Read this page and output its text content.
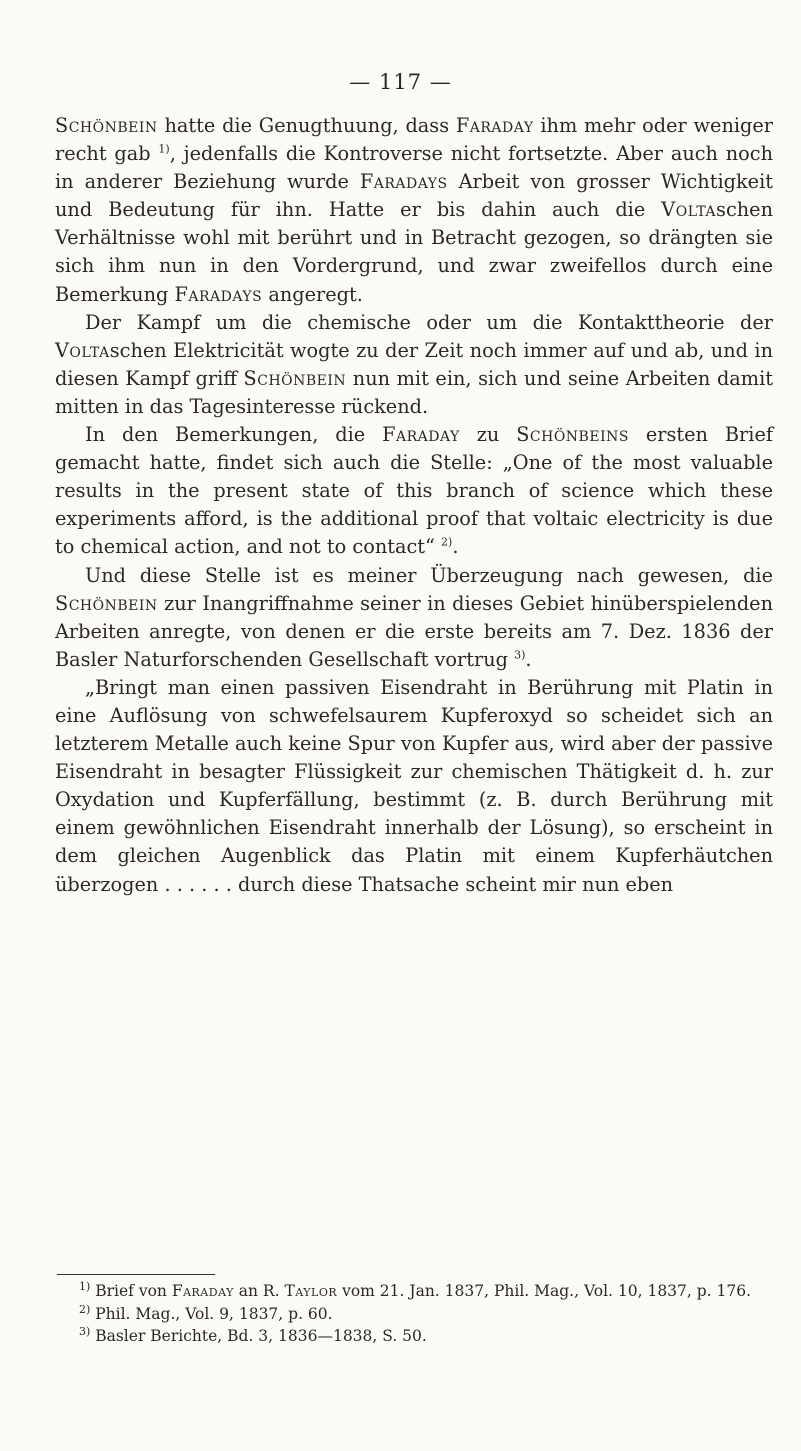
— 117 —

Schönbein hatte die Genugthuung, dass Faraday ihm mehr oder weniger recht gab $^{1)}$, jedenfalls die Kontroverse nicht fortsetzte. Aber auch noch in anderer Beziehung wurde Faradays Arbeit von grosser Wichtigkeit und Bedeutung für ihn. Hatte er bis dahin auch die Voltaschen Verhältnisse wohl mit berührt und in Betracht gezogen, so drängten sie sich ihm nun in den Vordergrund, und zwar zweifellos durch eine Bemerkung Faradays angeregt.

Der Kampf um die chemische oder um die Kontakttheorie der Voltaschen Elektricität wogte zu der Zeit noch immer auf und ab, und in diesen Kampf griff Schönbein nun mit ein, sich und seine Arbeiten damit mitten in das Tagesinteresse rückend.

In den Bemerkungen, die Faraday zu Schönbeins ersten Brief gemacht hatte, findet sich auch die Stelle: „One of the most valuable results in the present state of this branch of science which these experiments afford, is the additional proof that voltaic electricity is due to chemical action, and not to contact“ $^{2)}$.

Und diese Stelle ist es meiner Überzeugung nach gewesen, die Schönbein zur Inangriffnahme seiner in dieses Gebiet hinüberspielenden Arbeiten anregte, von denen er die erste bereits am 7. Dez. 1836 der Basler Naturforschenden Gesellschaft vortrug $^{3)}$.

„Bringt man einen passiven Eisendraht in Berührung mit Platin in eine Auflösung von schwefelsaurem Kupferoxyd so scheidet sich an letzterem Metalle auch keine Spur von Kupfer aus, wird aber der passive Eisendraht in besagter Flüssigkeit zur chemischen Thätigkeit d. h. zur Oxydation und Kupferfällung, bestimmt (z. B. durch Berührung mit einem gewöhnlichen Eisendraht innerhalb der Lösung), so erscheint in dem gleichen Augenblick das Platin mit einem Kupferhäutchen überzogen . . . . . . durch diese Thatsache scheint mir nun eben

$^{1)}$ Brief von Faraday an R. Taylor vom 21. Jan. 1837, Phil. Mag., Vol. 10, 1837, p. 176.

$^{2)}$ Phil. Mag., Vol. 9, 1837, p. 60.

$^{3)}$ Basler Berichte, Bd. 3, 1836—1838, S. 50.
